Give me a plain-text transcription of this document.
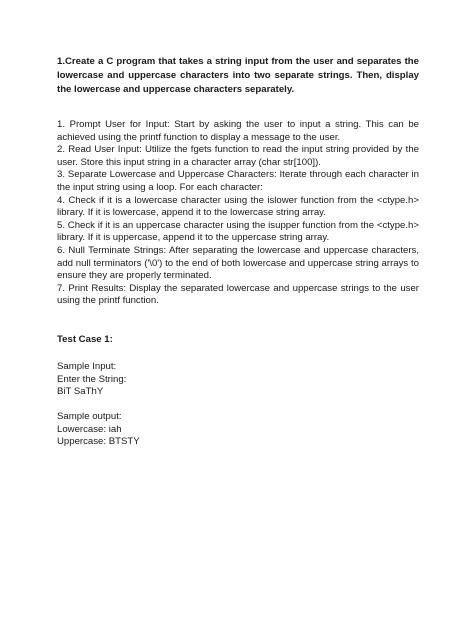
1.Create a C program that takes a string input from the user and separates the lowercase and uppercase characters into two separate strings. Then, display the lowercase and uppercase characters separately.

1. Prompt User for Input: Start by asking the user to input a string. This can be achieved using the printf function to display a message to the user.
2. Read User Input: Utilize the fgets function to read the input string provided by the user. Store this input string in a character array (char str[100]).
3. Separate Lowercase and Uppercase Characters: Iterate through each character in the input string using a loop. For each character:
4. Check if it is a lowercase character using the islower function from the <ctype.h> library. If it is lowercase, append it to the lowercase string array.
5. Check if it is an uppercase character using the isupper function from the <ctype.h> library. If it is uppercase, append it to the uppercase string array.
6. Null Terminate Strings: After separating the lowercase and uppercase characters, add null terminators ('\0') to the end of both lowercase and uppercase string arrays to ensure they are properly terminated.
7. Print Results: Display the separated lowercase and uppercase strings to the user using the printf function.

Test Case 1:

Sample Input:
Enter the String:
BiT SaThY
Sample output:
Lowercase: iah
Uppercase: BTSTY
